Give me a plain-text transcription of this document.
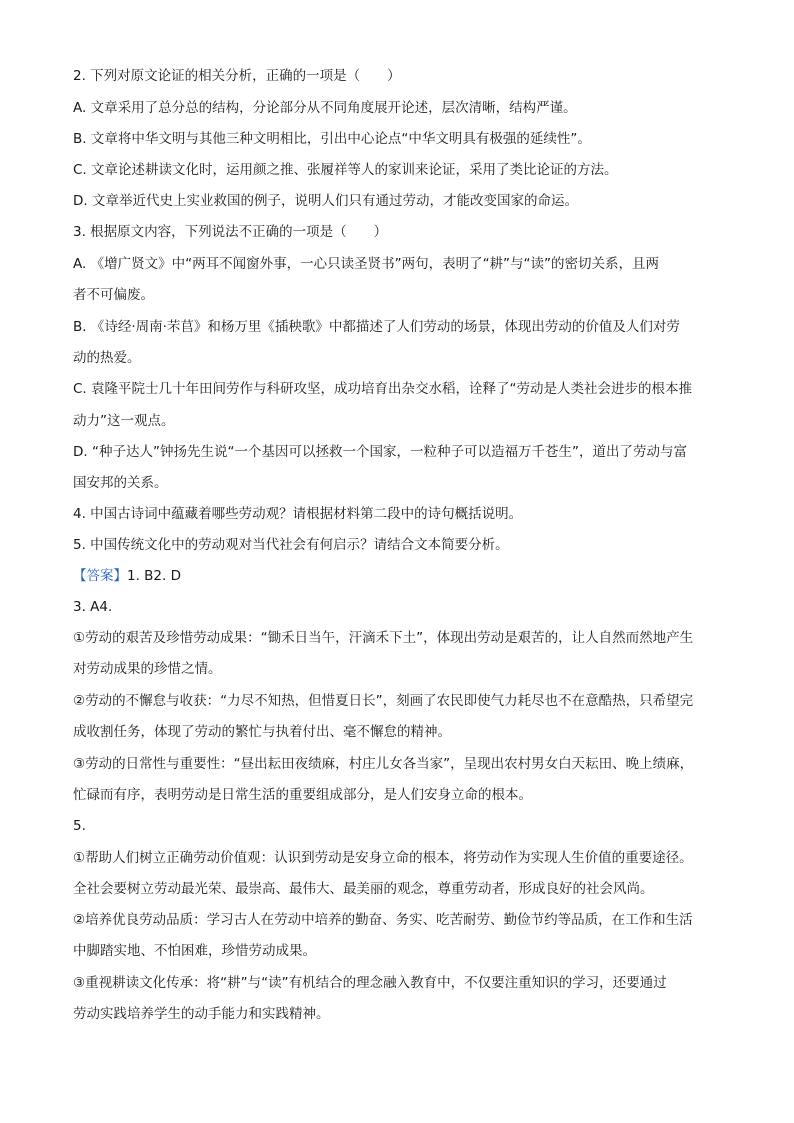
2. 下列对原文论证的相关分析，正确的一项是（　　）
A. 文章采用了总分总的结构，分论部分从不同角度展开论述，层次清晰，结构严谨。
B. 文章将中华文明与其他三种文明相比，引出中心论点“中华文明具有极强的延续性”。
C. 文章论述耕读文化时，运用颜之推、张履祥等人的家训来论证，采用了类比论证的方法。
D. 文章举近代史上实业救国的例子，说明人们只有通过劳动，才能改变国家的命运。
3. 根据原文内容，下列说法不正确的一项是（　　）
A. 《增广贤文》中“两耳不闻窗外事，一心只读圣贤书”两句，表明了“耕”与“读”的密切关系，且两
者不可偏废。
B. 《诗经·周南·芣苢》和杨万里《插秧歌》中都描述了人们劳动的场景，体现出劳动的价值及人们对劳
动的热爱。
C. 袁隆平院士几十年田间劳作与科研攻坚，成功培育出杂交水稻，诠释了“劳动是人类社会进步的根本推
动力”这一观点。
D. “种子达人”钟扬先生说“一个基因可以拯救一个国家，一粒种子可以造福万千苍生”，道出了劳动与富
国安邦的关系。
4. 中国古诗词中蕴藏着哪些劳动观？请根据材料第二段中的诗句概括说明。
5. 中国传统文化中的劳动观对当代社会有何启示？请结合文本简要分析。
【答案】1. B2. D
3. A4.
①劳动的艰苦及珍惜劳动成果：“锄禾日当午，汗滴禾下土”，体现出劳动是艰苦的，让人自然而然地产生
对劳动成果的珍惜之情。
②劳动的不懈怠与收获：“力尽不知热，但惜夏日长”，刻画了农民即使气力耗尽也不在意酷热，只希望完
成收割任务，体现了劳动的繁忙与执着付出、毫不懈怠的精神。
③劳动的日常性与重要性：“昼出耘田夜绩麻，村庄儿女各当家”，呈现出农村男女白天耘田、晚上绩麻，
忙碌而有序，表明劳动是日常生活的重要组成部分，是人们安身立命的根本。
5.
①帮助人们树立正确劳动价值观：认识到劳动是安身立命的根本，将劳动作为实现人生价值的重要途径。
全社会要树立劳动最光荣、最崇高、最伟大、最美丽的观念，尊重劳动者，形成良好的社会风尚。
②培养优良劳动品质：学习古人在劳动中培养的勤奋、务实、吃苦耐劳、勤俭节约等品质，在工作和生活
中脚踏实地、不怕困难，珍惜劳动成果。
③重视耕读文化传承：将“耕”与“读”有机结合的理念融入教育中，不仅要注重知识的学习，还要通过
劳动实践培养学生的动手能力和实践精神。
